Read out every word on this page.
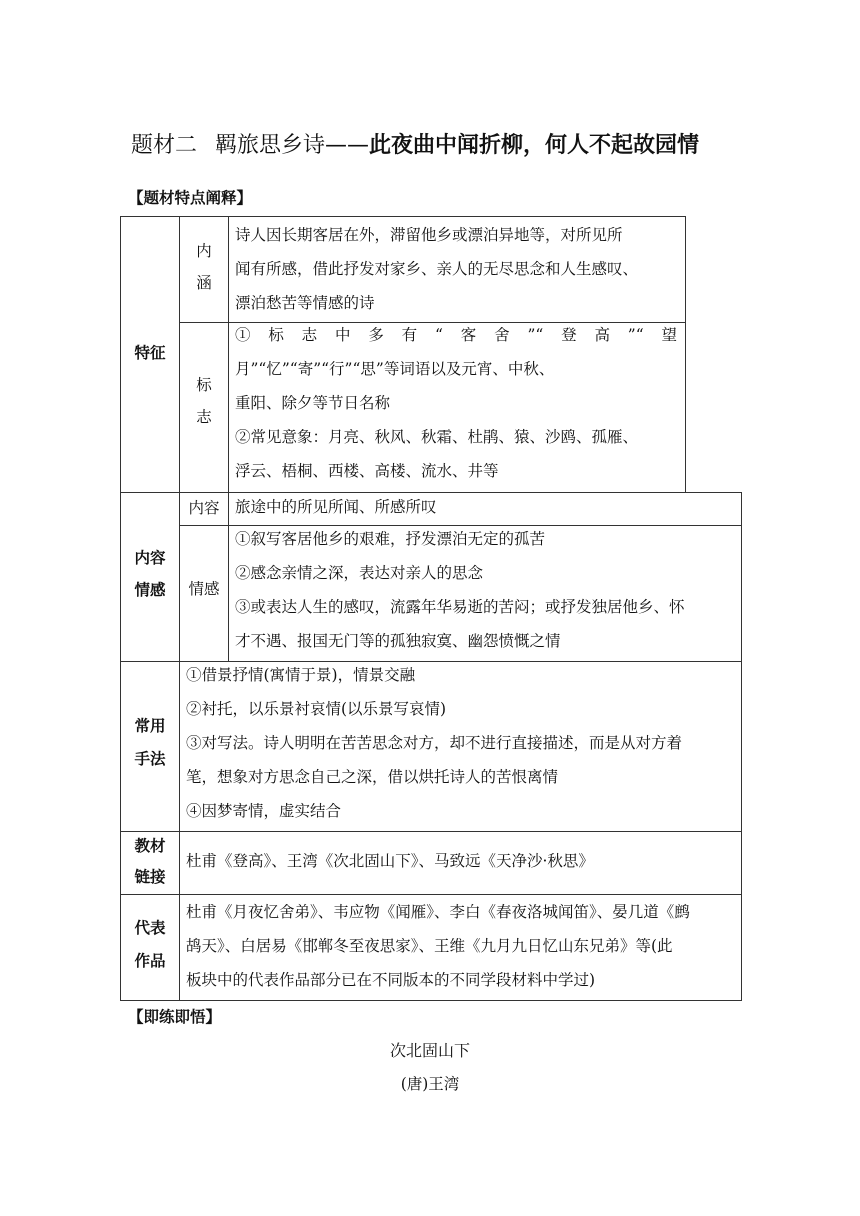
题材二 羁旅思乡诗——此夜曲中闻折柳，何人不起故园情
【题材特点阐释】
特征
内
涵
诗人因长期客居在外，滞留他乡或漂泊异地等，对所见所
闻有所感，借此抒发对家乡、亲人的无尽思念和人生感叹、
漂泊愁苦等情感的诗
标
志
①标志中多有“客舍”“登高”“望
月”“忆”“寄”“行”“思”等词语以及元宵、中秋、
重阳、除夕等节日名称
②常见意象：月亮、秋风、秋霜、杜鹃、猿、沙鸥、孤雁、
浮云、梧桐、西楼、高楼、流水、井等
内容
情感
内容	旅途中的所见所闻、所感所叹
情感
①叙写客居他乡的艰难，抒发漂泊无定的孤苦
②感念亲情之深，表达对亲人的思念
③或表达人生的感叹，流露年华易逝的苦闷；或抒发独居他乡、怀
才不遇、报国无门等的孤独寂寞、幽怨愤慨之情
常用
手法
①借景抒情(寓情于景)，情景交融
②衬托，以乐景衬哀情(以乐景写哀情)
③对写法。诗人明明在苦苦思念对方，却不进行直接描述，而是从对方着
笔，想象对方思念自己之深，借以烘托诗人的苦恨离情
④因梦寄情，虚实结合
教材
链接
杜甫《登高》、王湾《次北固山下》、马致远《天净沙·秋思》
代表
作品
杜甫《月夜忆舍弟》、韦应物《闻雁》、李白《春夜洛城闻笛》、晏几道《鹧
鸪天》、白居易《邯郸冬至夜思家》、王维《九月九日忆山东兄弟》等(此
板块中的代表作品部分已在不同版本的不同学段材料中学过)
【即练即悟】
次北固山下
(唐)王湾
